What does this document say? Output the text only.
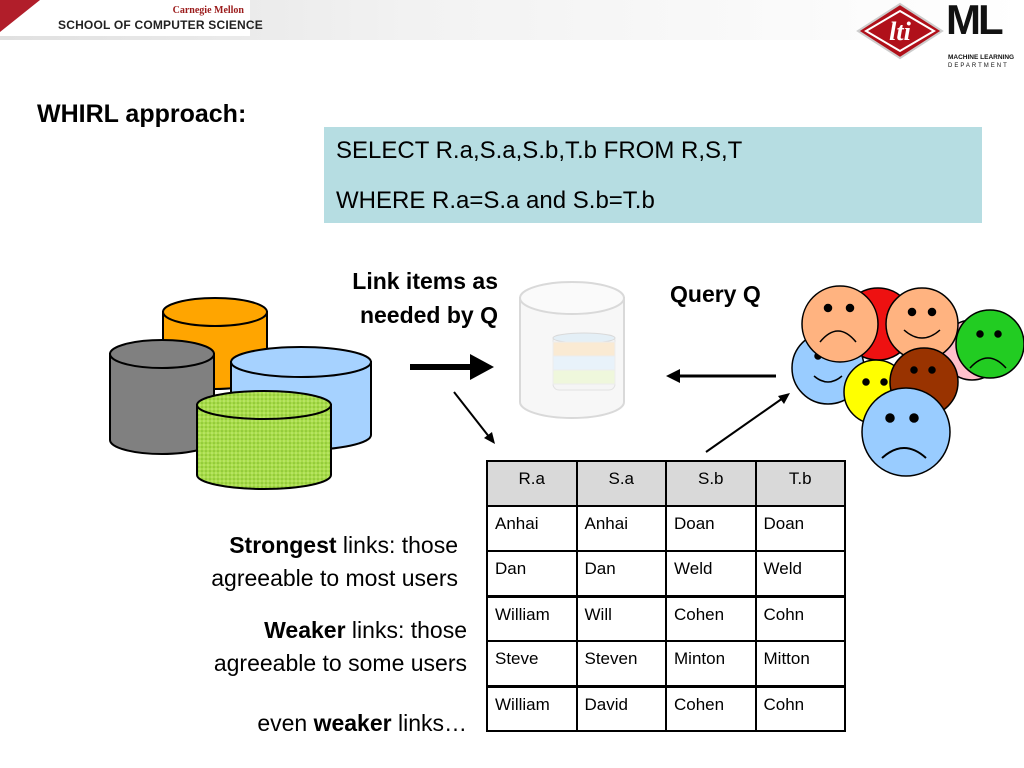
Carnegie Mellon
SCHOOL OF COMPUTER SCIENCE	lti ML
MACHINE LEARNING
DEPARTMENT
WHIRL approach:
SELECT R.a,S.a,S.b,T.b FROM R,S,T
WHERE R.a=S.a and S.b=T.b
Link items as
needed by Q
Query Q
R.a	S.a	S.b	T.b
Anhai	Anhai	Doan	Doan
Dan	Dan	Weld	Weld
William	Will	Cohen	Cohn
Steve	Steven	Minton	Mitton
William	David	Cohen	Cohn
Strongest links: those
agreeable to most users
Weaker links: those
agreeable to some users
even weaker links…
